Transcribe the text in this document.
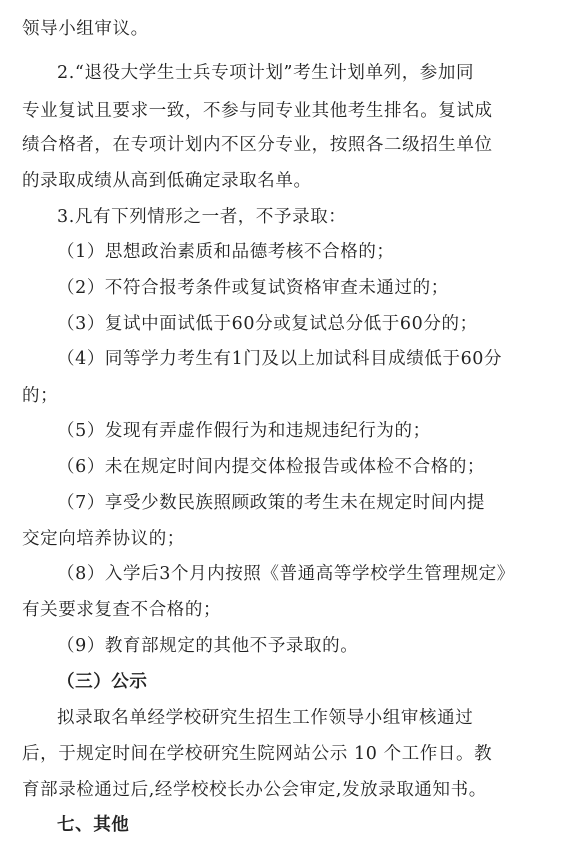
领导小组审议。
2.“退役大学生士兵专项计划”考生计划单列，参加同
专业复试且要求一致，不参与同专业其他考生排名。复试成
绩合格者，在专项计划内不区分专业，按照各二级招生单位
的录取成绩从高到低确定录取名单。
3.凡有下列情形之一者，不予录取：
（1）思想政治素质和品德考核不合格的；
（2）不符合报考条件或复试资格审查未通过的；
（3）复试中面试低于60分或复试总分低于60分的；
（4）同等学力考生有1门及以上加试科目成绩低于60分
的；
（5）发现有弄虚作假行为和违规违纪行为的；
（6）未在规定时间内提交体检报告或体检不合格的；
（7）享受少数民族照顾政策的考生未在规定时间内提
交定向培养协议的；
（8）入学后3个月内按照《普通高等学校学生管理规定》
有关要求复查不合格的；
（9）教育部规定的其他不予录取的。
（三）公示
拟录取名单经学校研究生招生工作领导小组审核通过
后，于规定时间在学校研究生院网站公示 10 个工作日。教
育部录检通过后,经学校校长办公会审定,发放录取通知书。
七、其他
